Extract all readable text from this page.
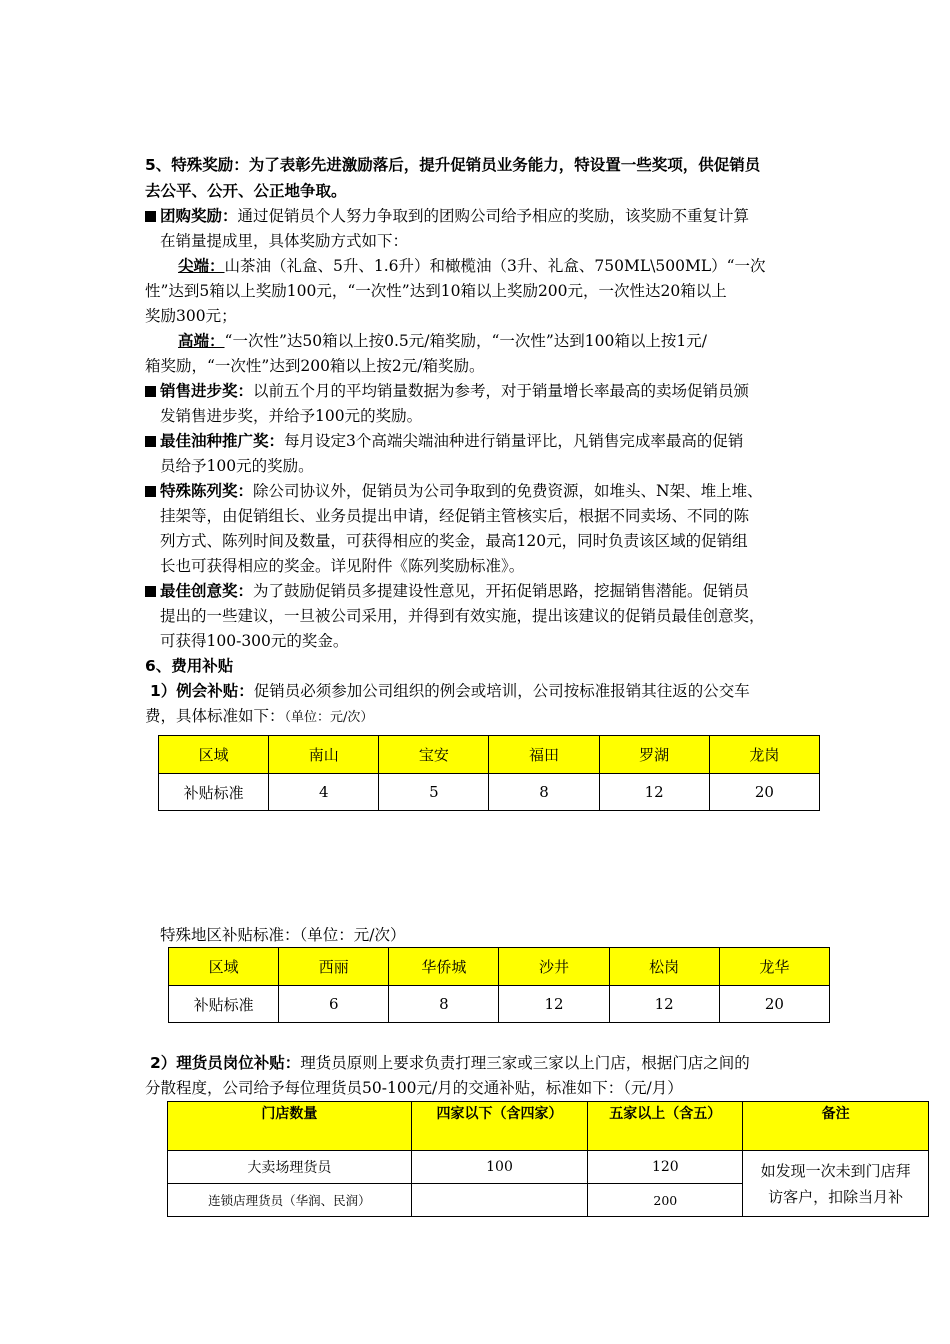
5、特殊奖励：为了表彰先进激励落后，提升促销员业务能力，特设置一些奖项，供促销员
去公平、公开、公正地争取。
团购奖励：通过促销员个人努力争取到的团购公司给予相应的奖励，该奖励不重复计算
在销量提成里，具体奖励方式如下：
尖端：山茶油（礼盒、5升、1.6升）和橄榄油（3升、礼盒、750ML\500ML）“一次
性”达到5箱以上奖励100元，“一次性”达到10箱以上奖励200元，一次性达20箱以上
奖励300元；
高端：“一次性”达50箱以上按0.5元/箱奖励，“一次性”达到100箱以上按1元/
箱奖励，“一次性”达到200箱以上按2元/箱奖励。
销售进步奖：以前五个月的平均销量数据为参考，对于销量增长率最高的卖场促销员颁
发销售进步奖，并给予100元的奖励。
最佳油种推广奖：每月设定3个高端尖端油种进行销量评比，凡销售完成率最高的促销
员给予100元的奖励。
特殊陈列奖：除公司协议外，促销员为公司争取到的免费资源，如堆头、N架、堆上堆、
挂架等，由促销组长、业务员提出申请，经促销主管核实后，根据不同卖场、不同的陈
列方式、陈列时间及数量，可获得相应的奖金，最高120元，同时负责该区域的促销组
长也可获得相应的奖金。详见附件《陈列奖励标准》。
最佳创意奖：为了鼓励促销员多提建设性意见，开拓促销思路，挖掘销售潜能。促销员
提出的一些建议，一旦被公司采用，并得到有效实施，提出该建议的促销员最佳创意奖，
可获得100-300元的奖金。
6、费用补贴
1）例会补贴：促销员必须参加公司组织的例会或培训，公司按标准报销其往返的公交车
费，具体标准如下：（单位：元/次）
区域	南山	宝安	福田	罗湖	龙岗
补贴标准	4	5	8	12	20
特殊地区补贴标准：（单位：元/次）
区域	西丽	华侨城	沙井	松岗	龙华
补贴标准	6	8	12	12	20
2）理货员岗位补贴：理货员原则上要求负责打理三家或三家以上门店，根据门店之间的
分散程度，公司给予每位理货员50-100元/月的交通补贴，标准如下：（元/月）
门店数量	四家以下（含四家）	五家以上（含五）	备注
大卖场理货员	100	120	如发现一次未到门店拜访客户，扣除当月补
连锁店理货员（华润、民润）		200	
